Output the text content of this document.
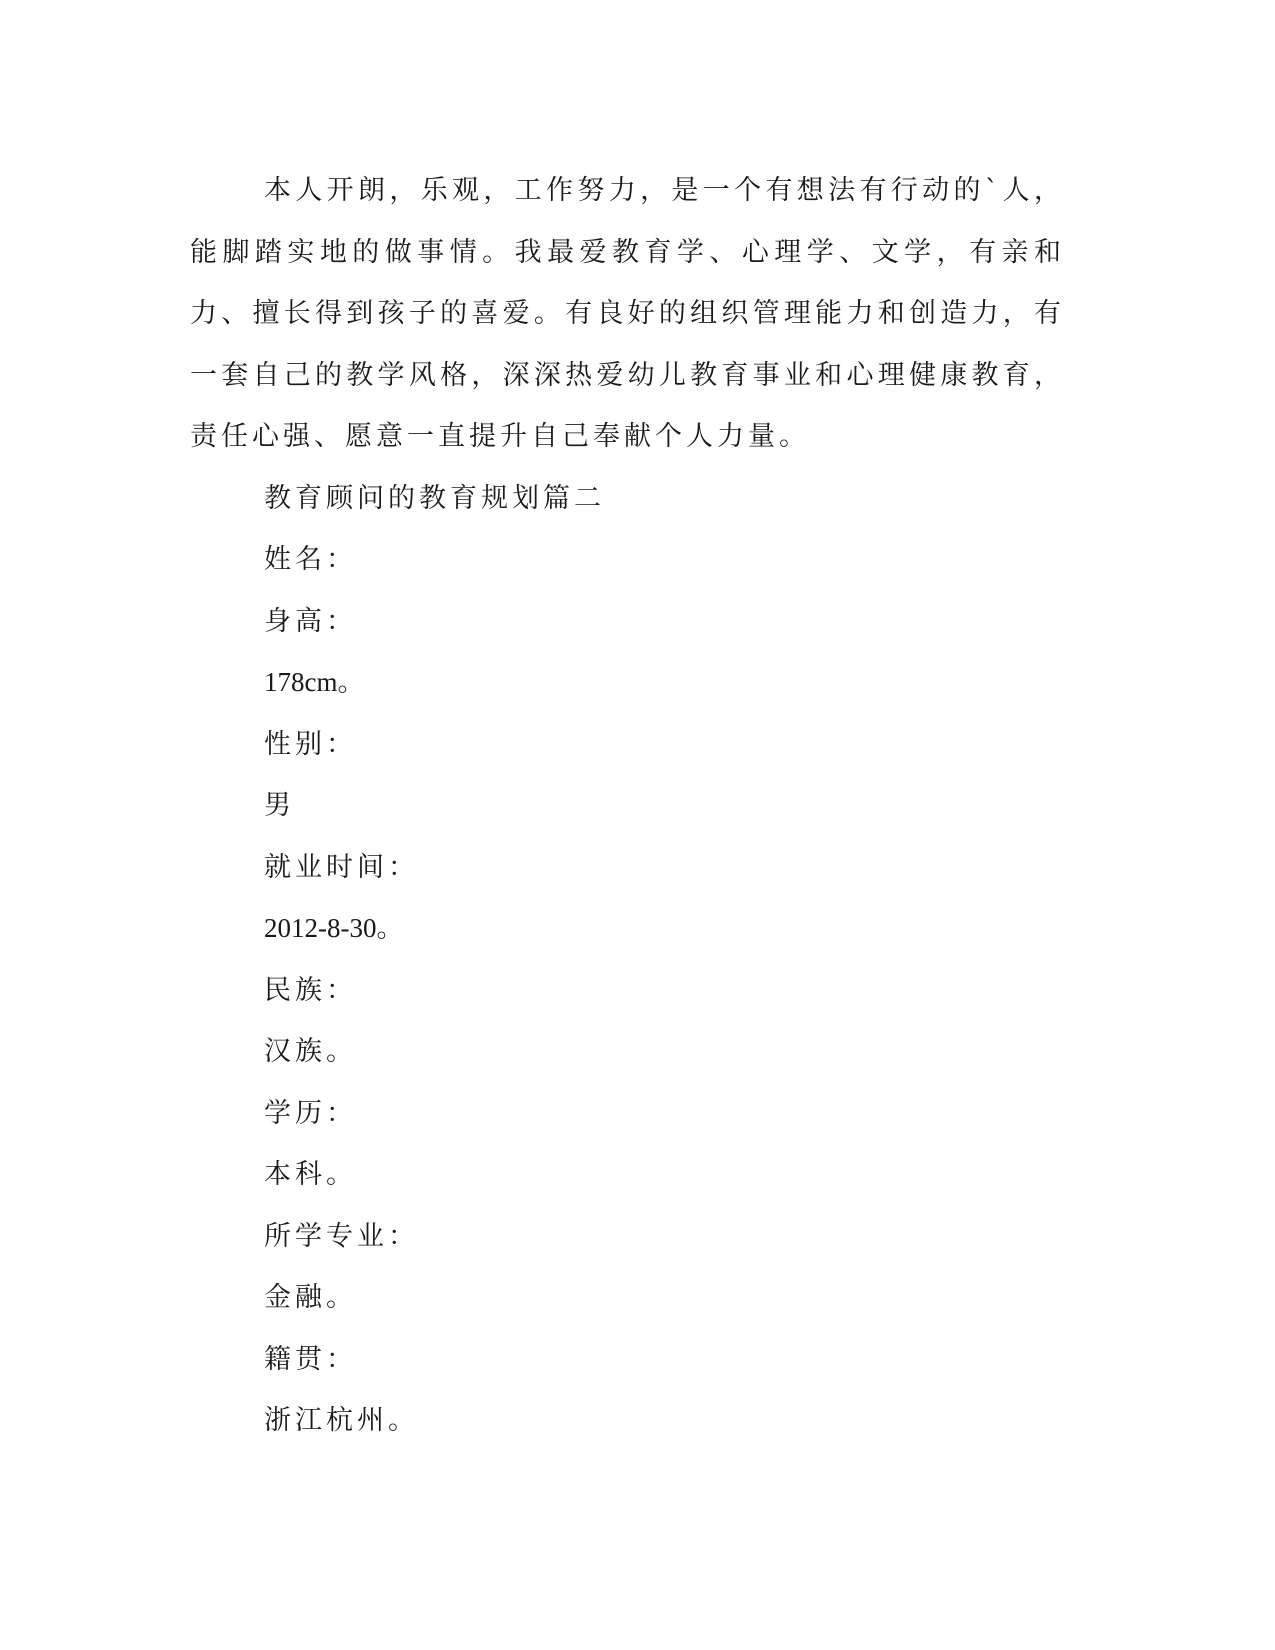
本人开朗，乐观，工作努力，是一个有想法有行动的`人，能脚踏实地的做事情。我最爱教育学、心理学、文学，有亲和力、擅长得到孩子的喜爱。有良好的组织管理能力和创造力，有一套自己的教学风格，深深热爱幼儿教育事业和心理健康教育，责任心强、愿意一直提升自己奉献个人力量。

教育顾问的教育规划篇二

姓名：

身高：

178cm。

性别：

男

就业时间：

2012-8-30。

民族：

汉族。

学历：

本科。

所学专业：

金融。

籍贯：

浙江杭州。
